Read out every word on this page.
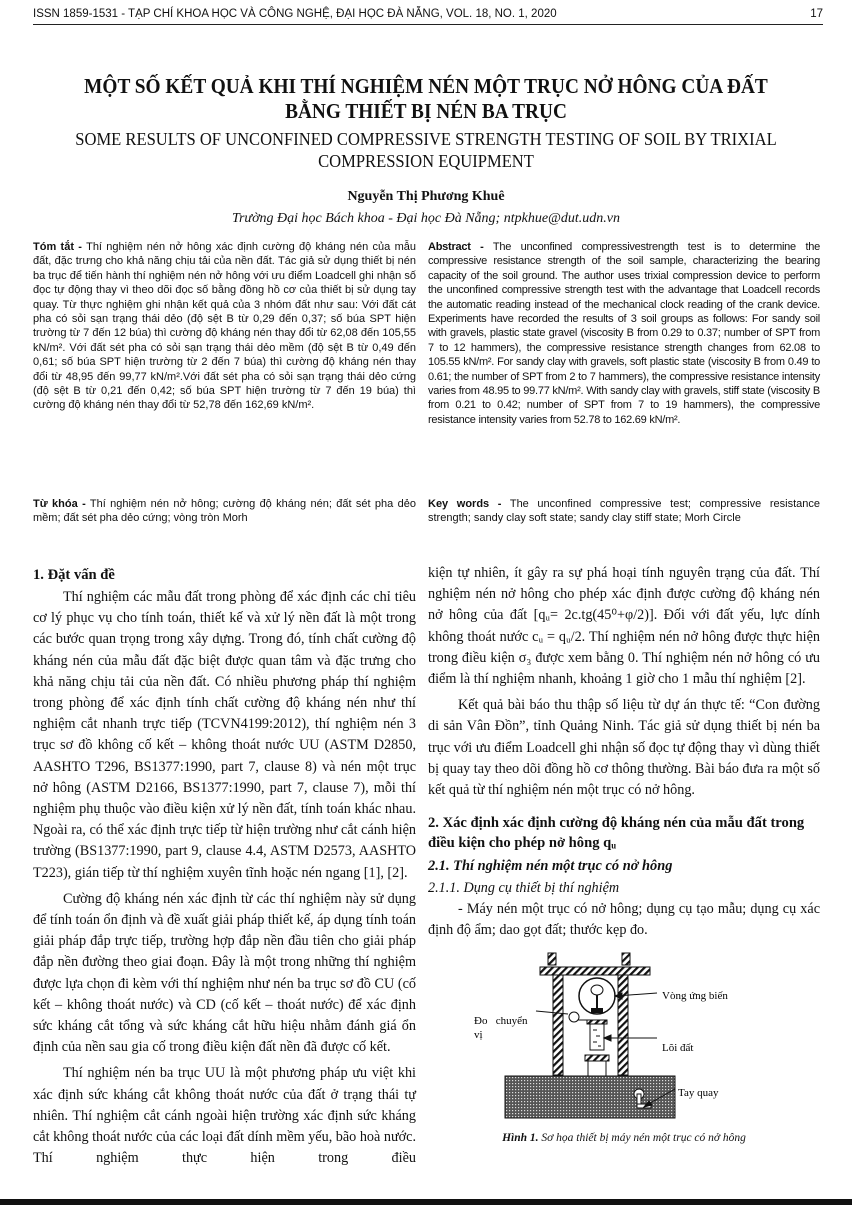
ISSN 1859-1531 - TẠP CHÍ KHOA HỌC VÀ CÔNG NGHỆ, ĐẠI HỌC ĐÀ NẴNG, VOL. 18, NO. 1, 2020	17
MỘT SỐ KẾT QUẢ KHI THÍ NGHIỆM NÉN MỘT TRỤC NỞ HÔNG CỦA ĐẤT BẰNG THIẾT BỊ NÉN BA TRỤC
SOME RESULTS OF UNCONFINED COMPRESSIVE STRENGTH TESTING OF SOIL BY TRIXIAL COMPRESSION EQUIPMENT
Nguyễn Thị Phương Khuê
Trường Đại học Bách khoa - Đại học Đà Nẵng; ntpkhue@dut.udn.vn
Tóm tắt - Thí nghiệm nén nở hông xác định cường độ kháng nén của mẫu đất, đặc trưng cho khả năng chịu tải của nền đất. Tác giả sử dụng thiết bị nén ba trục để tiến hành thí nghiệm nén nở hông với ưu điểm Loadcell ghi nhận số đọc tự động thay vì theo dõi đọc số bằng đồng hồ cơ của thiết bị sử dụng tay quay. Từ thực nghiệm ghi nhận kết quả của 3 nhóm đất như sau: Với đất cát pha có sỏi sạn trạng thái dẻo (độ sệt B từ 0,29 đến 0,37; số búa SPT hiện trường từ 7 đến 12 búa) thì cường độ kháng nén thay đổi từ 62,08 đến 105,55 kN/m². Với đất sét pha có sỏi sạn trạng thái dẻo mềm (độ sệt B từ 0,49 đến 0,61; số búa SPT hiện trường từ 2 đến 7 búa) thì cường độ kháng nén thay đổi từ 48,95 đến 99,77 kN/m².Với đất sét pha có sỏi sạn trạng thái dẻo cứng (độ sệt B từ 0,21 đến 0,42; số búa SPT hiện trường từ 7 đến 19 búa) thì cường độ kháng nén thay đổi từ 52,78 đến 162,69 kN/m².
Abstract - The unconfined compressivestrength test is to determine the compressive resistance strength of the soil sample, characterizing the bearing capacity of the soil ground. The author uses trixial compression device to perform the unconfined compressive strength test with the advantage that Loadcell records the automatic reading instead of the mechanical clock reading of the crank device. Experiments have recorded the results of 3 soil groups as follows: For sandy soil with gravels, plastic state gravel (viscosity B from 0.29 to 0.37; number of SPT from 7 to 12 hammers), the compressive resistance strength changes from 62.08 to 105.55 kN/m². For sandy clay with gravels, soft plastic state (viscosity B from 0.49 to 0.61; the number of SPT from 2 to 7 hammers), the compressive resistance intensity varies from 48.95 to 99.77 kN/m². With sandy clay with gravels, stiff state (viscosity B from 0.21 to 0.42; number of SPT from 7 to 19 hammers), the compressive resistance intensity varies from 52.78 to 162.69 kN/m².
Từ khóa - Thí nghiệm nén nở hông; cường độ kháng nén; đất sét pha dẻo mềm; đất sét pha dẻo cứng; vòng tròn Morh
Key words - The unconfined compressive test; compressive resistance strength; sandy clay soft state; sandy clay stiff state; Morh Circle
1. Đặt vấn đề

Thí nghiệm các mẫu đất trong phòng để xác định các chỉ tiêu cơ lý phục vụ cho tính toán, thiết kế và xử lý nền đất là một trong các bước quan trọng trong xây dựng. Trong đó, tính chất cường độ kháng nén của mẫu đất đặc biệt được quan tâm và đặc trưng cho khả năng chịu tải của nền đất. Có nhiều phương pháp thí nghiệm trong phòng để xác định tính chất cường độ kháng nén như thí nghiệm cắt nhanh trực tiếp (TCVN4199:2012), thí nghiệm nén 3 trục sơ đồ không cố kết – không thoát nước UU (ASTM D2850, AASHTO T296, BS1377:1990, part 7, clause 8) và nén một trục nở hông (ASTM D2166, BS1377:1990, part 7, clause 7), mỗi thí nghiệm phụ thuộc vào điều kiện xử lý nền đất, tính toán khác nhau. Ngoài ra, có thể xác định trực tiếp từ hiện trường như cắt cánh hiện trường (BS1377:1990, part 9, clause 4.4, ASTM D2573, AASHTO T223), gián tiếp từ thí nghiệm xuyên tĩnh hoặc nén ngang [1], [2].

Cường độ kháng nén xác định từ các thí nghiệm này sử dụng để tính toán ổn định và đề xuất giải pháp thiết kế, áp dụng tính toán giải pháp đắp trực tiếp, trường hợp đắp nền đầu tiên cho giải pháp đắp nền đường theo giai đoạn. Đây là một trong những thí nghiệm được lựa chọn đi kèm với thí nghiệm như nén ba trục sơ đồ CU (cố kết – không thoát nước) và CD (cố kết – thoát nước) để xác định sức kháng cắt tổng và sức kháng cắt hữu hiệu nhằm đánh giá ổn định của nền sau gia cố trong điều kiện đất nền đã được cố kết.

Thí nghiệm nén ba trục UU là một phương pháp ưu việt khi xác định sức kháng cắt không thoát nước của đất ở trạng thái tự nhiên. Thí nghiệm cắt cánh ngoài hiện trường xác định sức kháng cắt không thoát nước của các loại đất dính mềm yếu, bão hoà nước. Thí nghiệm thực hiện trong điều

kiện tự nhiên, ít gây ra sự phá hoại tính nguyên trạng của đất. Thí nghiệm nén nở hông cho phép xác định được cường độ kháng nén nở hông của đất [qᵤ= 2c.tg(45⁰+φ/2)]. Đối với đất yếu, lực dính không thoát nước cᵤ = qᵤ/2. Thí nghiệm nén nở hông được thực hiện trong điều kiện σ₃ được xem bằng 0. Thí nghiệm nén nở hông có ưu điểm là thí nghiệm nhanh, khoảng 1 giờ cho 1 mẫu thí nghiệm [2].

Kết quả bài báo thu thập số liệu từ dự án thực tế: “Con đường di sản Vân Đồn”, tỉnh Quảng Ninh. Tác giả sử dụng thiết bị nén ba trục với ưu điểm Loadcell ghi nhận số đọc tự động thay vì dùng thiết bị quay tay theo dõi đồng hồ cơ thông thường. Bài báo đưa ra một số kết quả từ thí nghiệm nén một trục có nở hông.

2. Xác định xác định cường độ kháng nén của mẫu đất trong điều kiện cho phép nở hông qᵤ
2.1. Thí nghiệm nén một trục có nở hông
2.1.1. Dụng cụ thiết bị thí nghiệm

- Máy nén một trục có nở hông; dụng cụ tạo mẫu; dụng cụ xác định độ ẩm; dao gọt đất; thước kẹp đo.

Vòng ứng biến
Đo   chuyển
vị
Lõi đất
Tay quay
Hình 1. Sơ họa thiết bị máy nén một trục có nở hông
